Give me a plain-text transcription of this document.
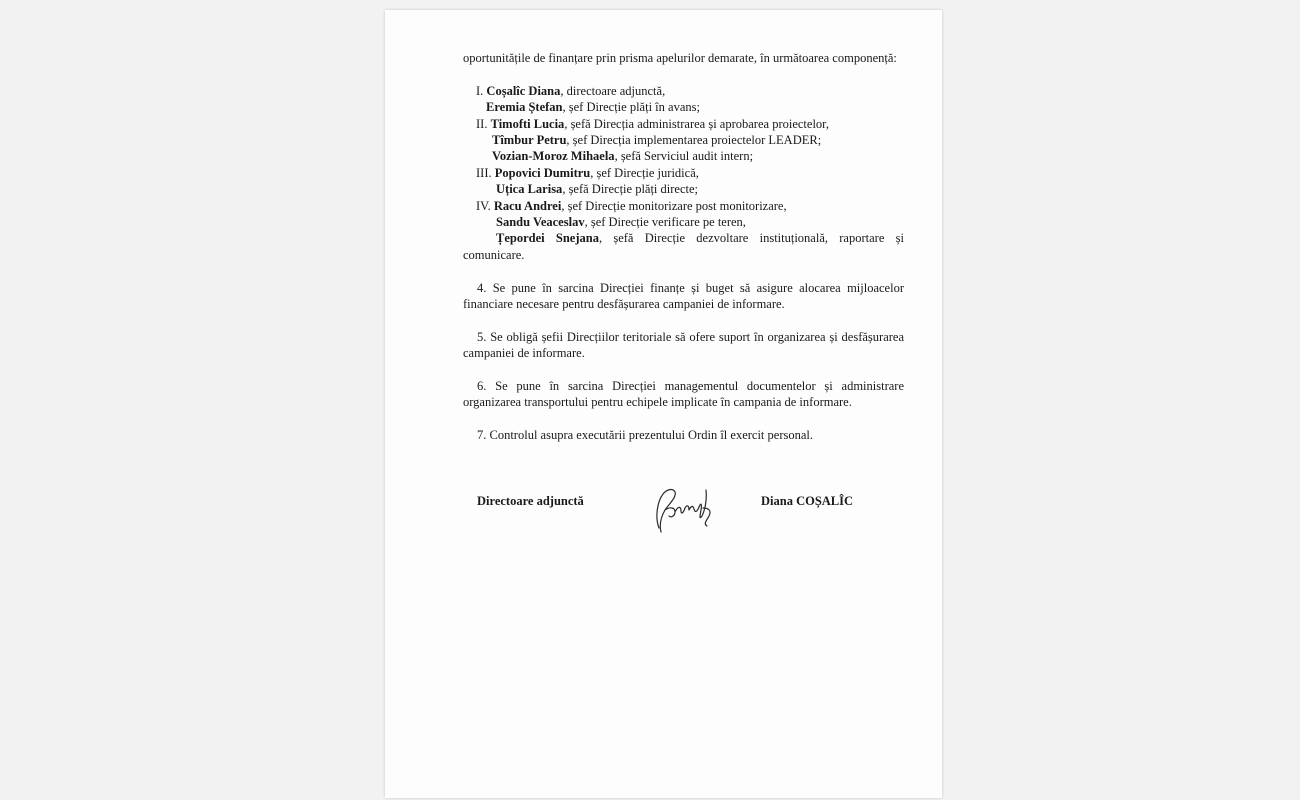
oportunitățile de finanțare prin prisma apelurilor demarate, în următoarea componență:

I. Coșalîc Diana, directoare adjunctă,

Eremia Ștefan, șef Direcție plăți în avans;

II. Timofti Lucia, șefă Direcția administrarea și aprobarea proiectelor,

Tîmbur Petru, șef Direcția implementarea proiectelor LEADER;

Vozian-Moroz Mihaela, șefă Serviciul audit intern;

III. Popovici Dumitru, șef Direcție juridică,

Uțica Larisa, șefă Direcție plăți directe;

IV. Racu Andrei, șef Direcție monitorizare post monitorizare,

Sandu Veaceslav, șef Direcție verificare pe teren,

Țepordei Snejana, șefă Direcție dezvoltare instituțională, raportare și comunicare.

4. Se pune în sarcina Direcției finanțe și buget să asigure alocarea mijloacelor financiare necesare pentru desfășurarea campaniei de informare.

5. Se obligă șefii Direcțiilor teritoriale să ofere suport în organizarea și desfășurarea campaniei de informare.

6. Se pune în sarcina Direcției managementul documentelor și administrare organizarea transportului pentru echipele implicate în campania de informare.

7. Controlul asupra executării prezentului Ordin îl exercit personal.

Directoare adjunctă	Diana COȘALÎC
